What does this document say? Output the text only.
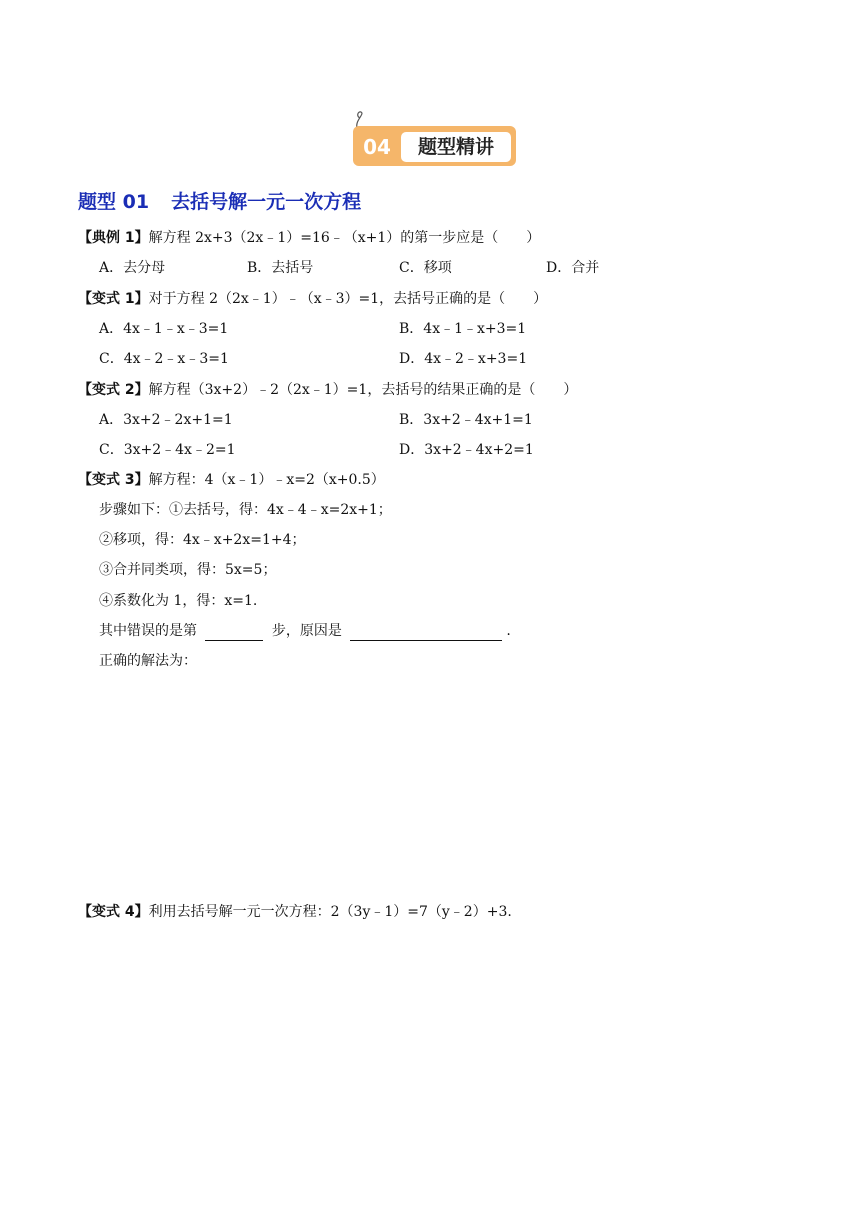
04	题型精讲
题型 01 去括号解一元一次方程
【典例 1】解方程 2x+3（2x﹣1）=16﹣（x+1）的第一步应是（　　）
A．去分母	B．去括号	C．移项	D．合并
【变式 1】对于方程 2（2x﹣1）﹣（x﹣3）=1，去括号正确的是（　　）
A．4x﹣1﹣x﹣3=1	B．4x﹣1﹣x+3=1
C．4x﹣2﹣x﹣3=1	D．4x﹣2﹣x+3=1
【变式 2】解方程（3x+2）﹣2（2x﹣1）=1，去括号的结果正确的是（　　）
A．3x+2﹣2x+1=1	B．3x+2﹣4x+1=1
C．3x+2﹣4x﹣2=1	D．3x+2﹣4x+2=1
【变式 3】解方程：4（x﹣1）﹣x=2（x+0.5）
步骤如下：①去括号，得：4x﹣4﹣x=2x+1；
②移项，得：4x﹣x+2x=1+4；
③合并同类项，得：5x=5；
④系数化为 1，得：x=1.
其中错误的是第	步，原因是	.
正确的解法为：
【变式 4】利用去括号解一元一次方程：2（3y﹣1）=7（y﹣2）+3.
